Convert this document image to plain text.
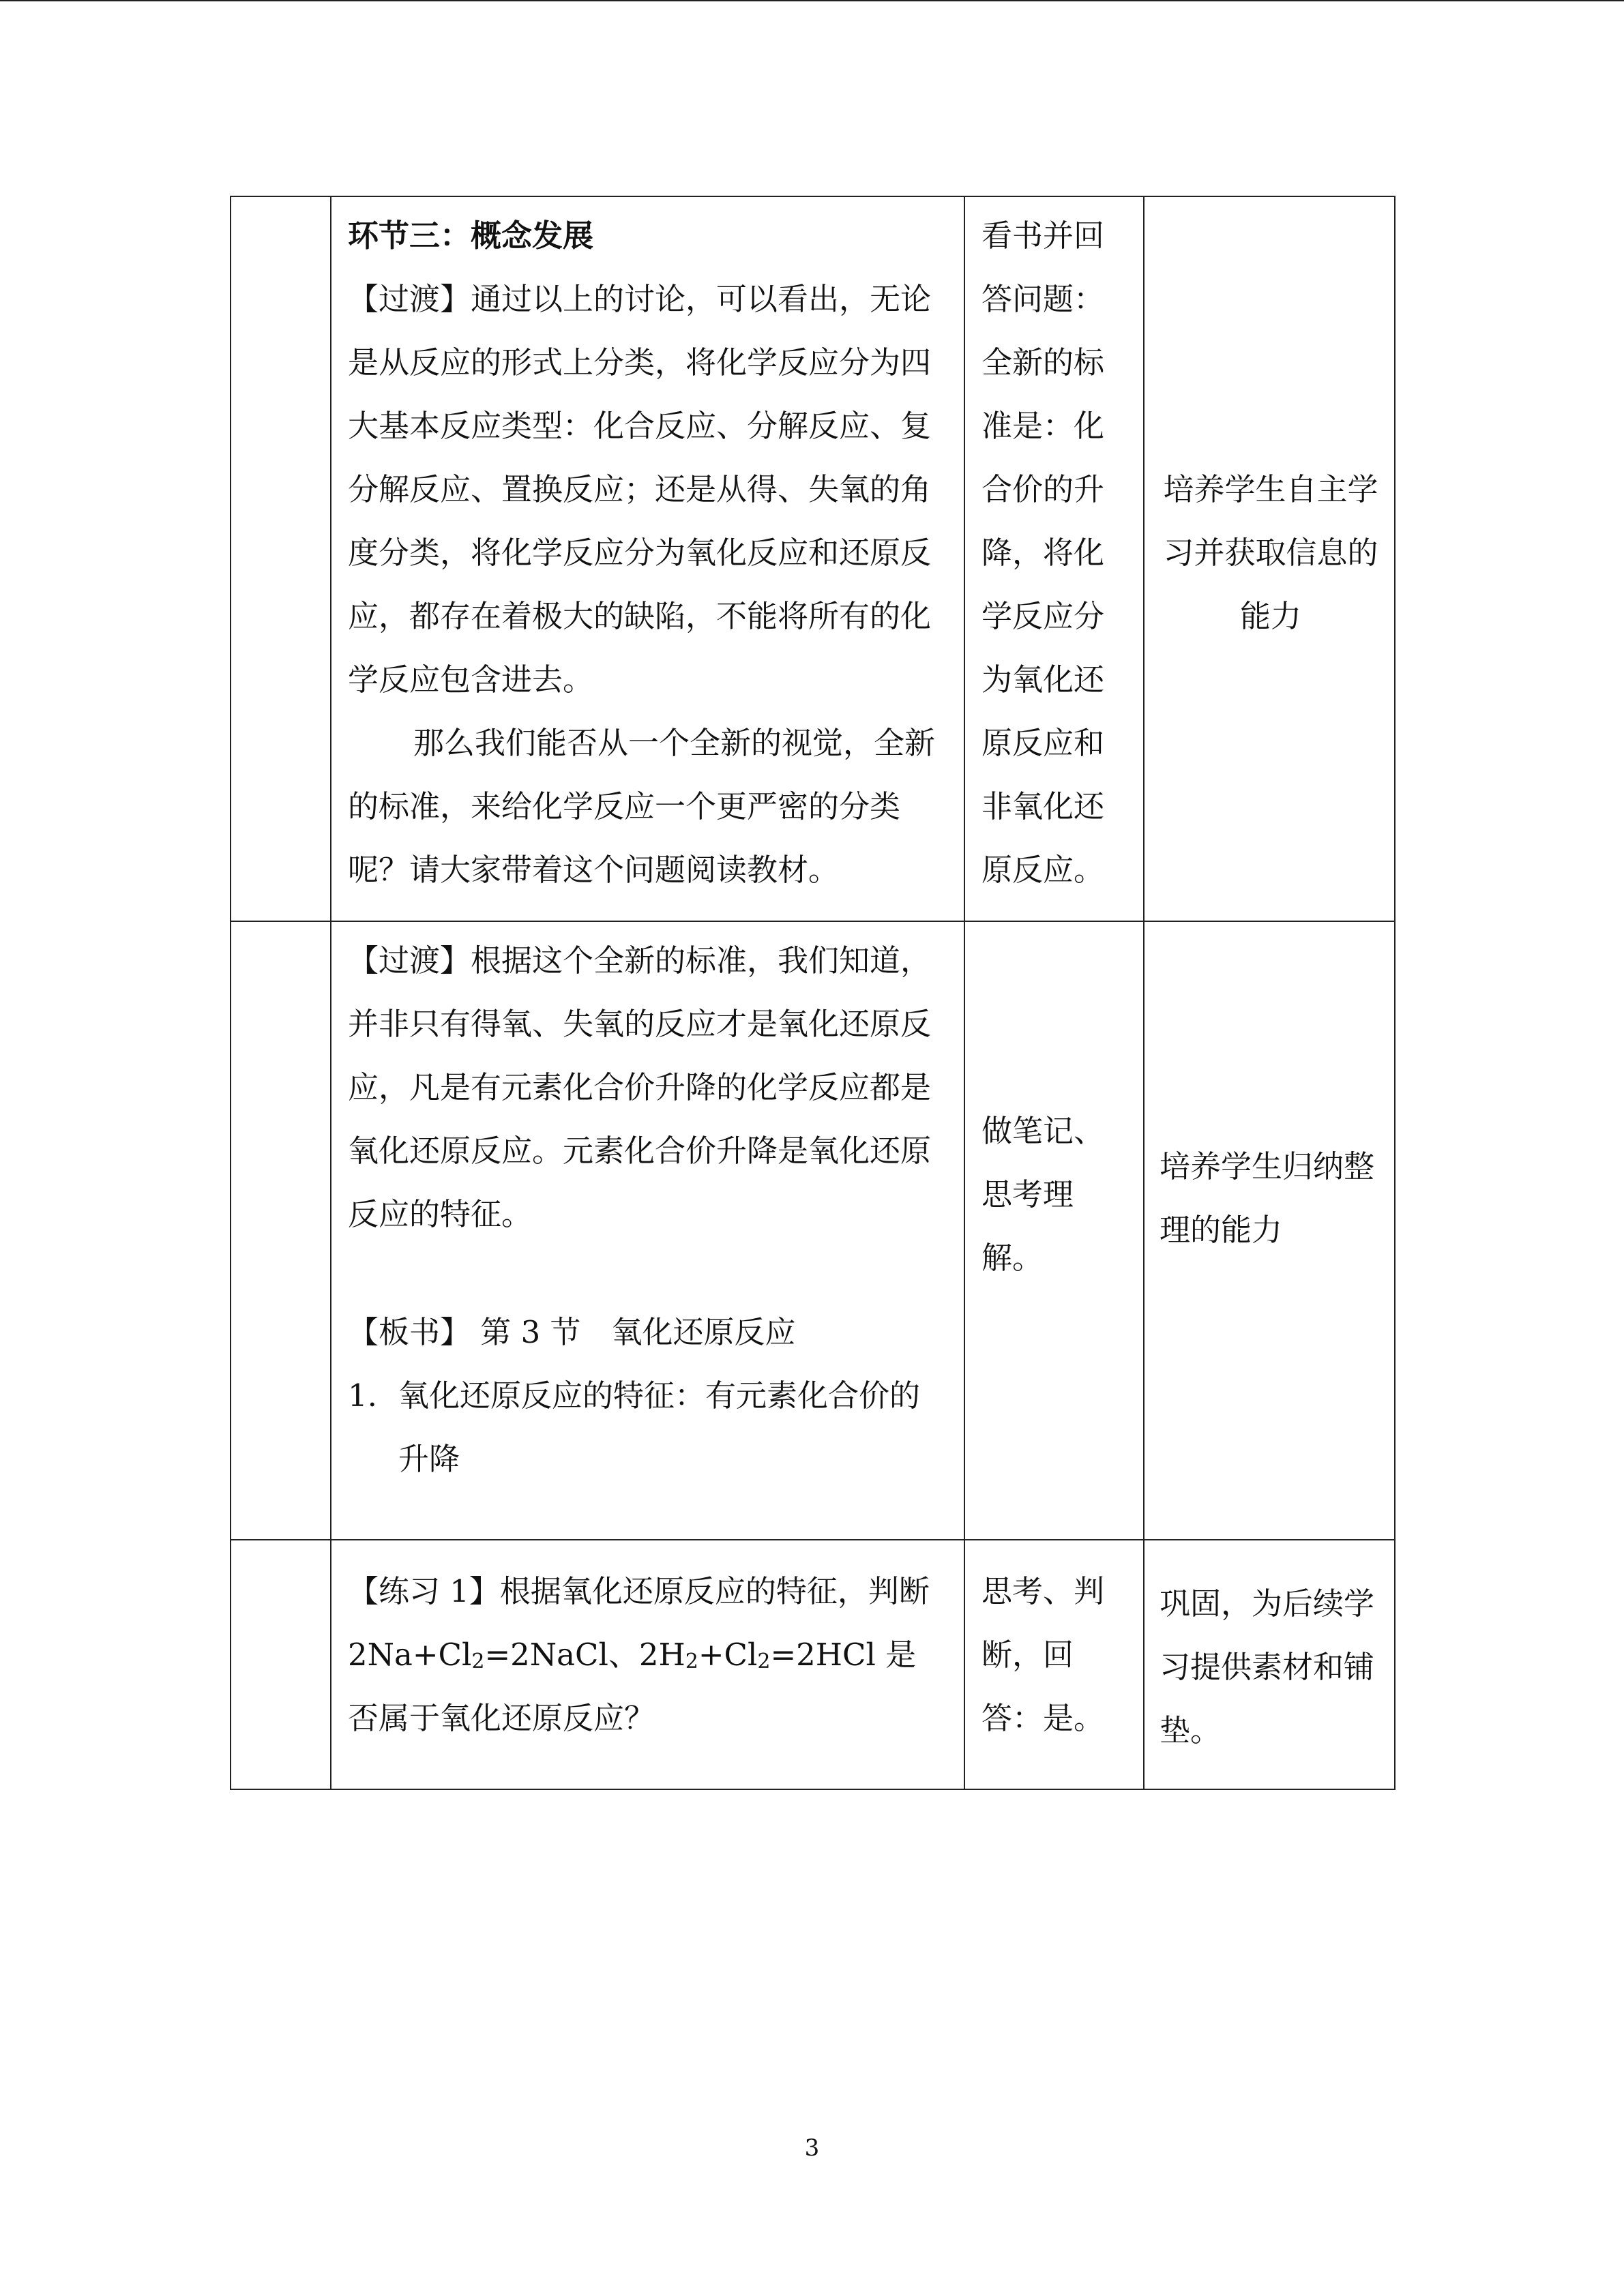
	环节三：概念发展

【过渡】通过以上的讨论，可以看出，无论是从反应的形式上分类，将化学反应分为四大基本反应类型：化合反应、分解反应、复分解反应、置换反应；还是从得、失氧的角度分类，将化学反应分为氧化反应和还原反应，都存在着极大的缺陷，不能将所有的化学反应包含进去。

那么我们能否从一个全新的视觉，全新的标准，来给化学反应一个更严密的分类呢？请大家带着这个问题阅读教材。	看书并回答问题：全新的标准是：化合价的升降，将化学反应分为氧化还原反应和非氧化还原反应。	培养学生自主学习并获取信息的能力

	【过渡】根据这个全新的标准，我们知道，并非只有得氧、失氧的反应才是氧化还原反应，凡是有元素化合价升降的化学反应都是氧化还原反应。元素化合价升降是氧化还原反应的特征。

【板书】 第 3 节　氧化还原反应

1. 氧化还原反应的特征：有元素化合价的升降	做笔记、思考理解。	培养学生归纳整理的能力

	【练习 1】根据氧化还原反应的特征，判断 $2Na+Cl_2=2NaCl$、$2H_2+Cl_2=2HCl$ 是否属于氧化还原反应？	思考、判断，回答：是。	巩固，为后续学习提供素材和铺垫。
3
